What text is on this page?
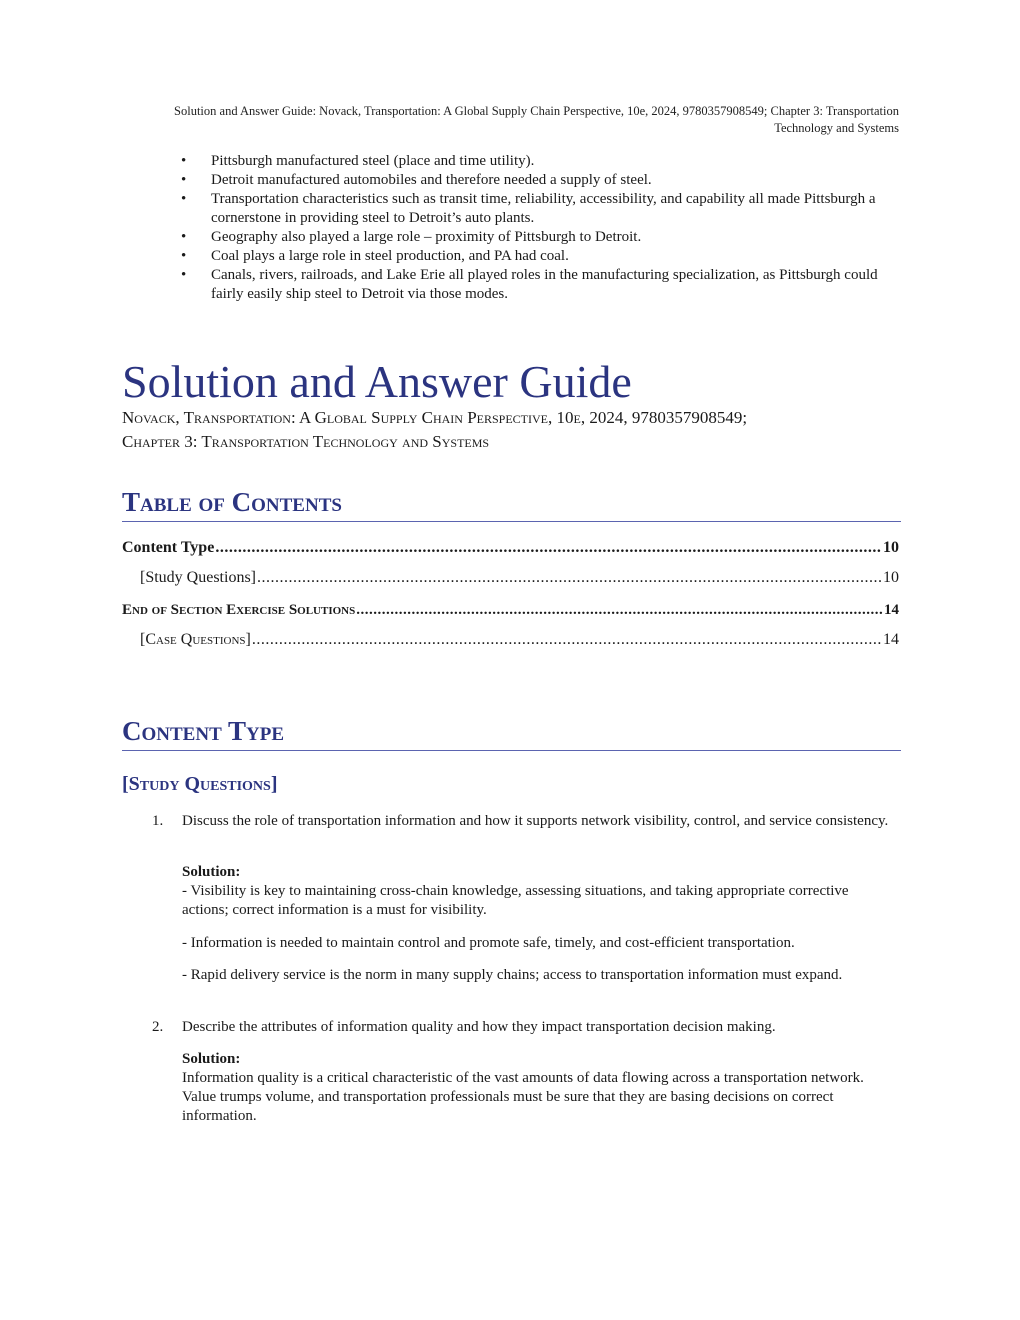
Solution and Answer Guide: Novack, Transportation: A Global Supply Chain Perspective, 10e, 2024, 9780357908549; Chapter 3: Transportation
Technology and Systems
• Pittsburgh manufactured steel (place and time utility).
• Detroit manufactured automobiles and therefore needed a supply of steel.
• Transportation characteristics such as transit time, reliability, accessibility, and capability all made Pittsburgh a cornerstone in providing steel to Detroit’s auto plants.
• Geography also played a large role – proximity of Pittsburgh to Detroit.
• Coal plays a large role in steel production, and PA had coal.
• Canals, rivers, railroads, and Lake Erie all played roles in the manufacturing specialization, as Pittsburgh could fairly easily ship steel to Detroit via those modes.
Solution and Answer Guide
Novack, Transportation: A Global Supply Chain Perspective, 10e, 2024, 9780357908549;
Chapter 3: Transportation Technology and Systems
Table of Contents
Content Type .....	10
[Study Questions] .....	10
End of Section Exercise Solutions .....	14
[Case Questions] .....	14
Content Type
[Study Questions]
1. Discuss the role of transportation information and how it supports network visibility, control, and service consistency.
Solution:
- Visibility is key to maintaining cross-chain knowledge, assessing situations, and taking appropriate corrective actions; correct information is a must for visibility.
- Information is needed to maintain control and promote safe, timely, and cost-efficient transportation.
- Rapid delivery service is the norm in many supply chains; access to transportation information must expand.
2. Describe the attributes of information quality and how they impact transportation decision making.
Solution:
Information quality is a critical characteristic of the vast amounts of data flowing across a transportation network. Value trumps volume, and transportation professionals must be sure that they are basing decisions on correct information.
